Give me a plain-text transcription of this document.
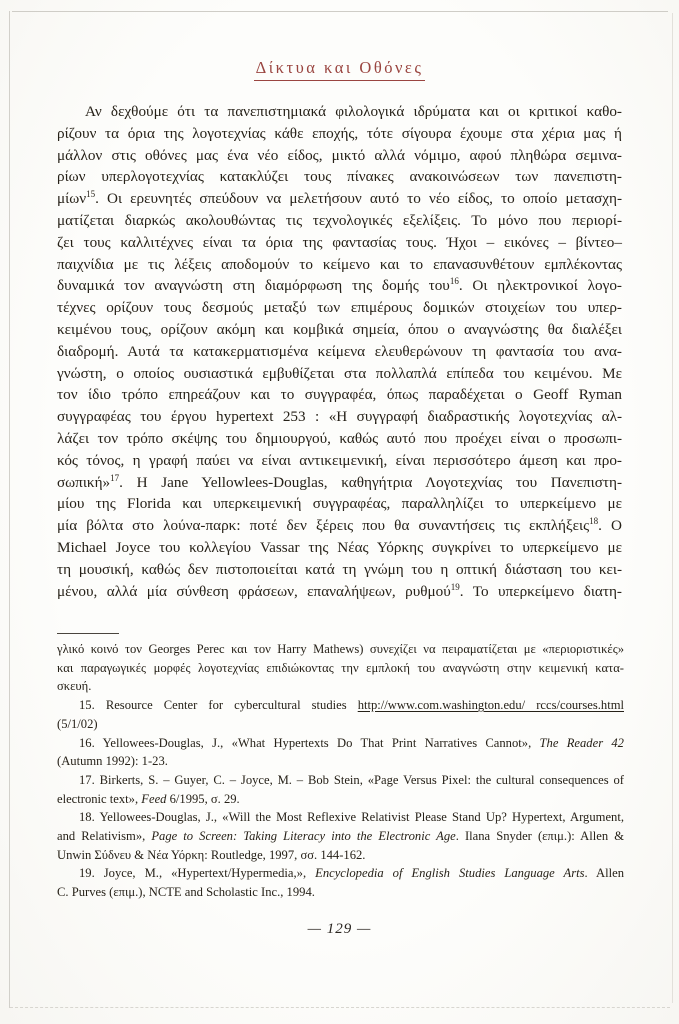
Δίκτυα και Οθόνες
Αν δεχθούμε ότι τα πανεπιστημιακά φιλολογικά ιδρύματα και οι κριτικοί καθο-
ρίζουν τα όρια της λογοτεχνίας κάθε εποχής, τότε σίγουρα έχουμε στα χέρια μας ή
μάλλον στις οθόνες μας ένα νέο είδος, μικτό αλλά νόμιμο, αφού πληθώρα σεμινα-
ρίων υπερλογοτεχνίας κατακλύζει τους πίνακες ανακοινώσεων των πανεπιστη-
μίων$^{15}$. Οι ερευνητές σπεύδουν να μελετήσουν αυτό το νέο είδος, το οποίο μετασχη-
ματίζεται διαρκώς ακολουθώντας τις τεχνολογικές εξελίξεις. Το μόνο που περιορί-
ζει τους καλλιτέχνες είναι τα όρια της φαντασίας τους. Ήχοι – εικόνες – βίντεο–
παιχνίδια με τις λέξεις αποδομούν το κείμενο και το επανασυνθέτουν εμπλέκοντας
δυναμικά τον αναγνώστη στη διαμόρφωση της δομής του$^{16}$. Οι ηλεκτρονικοί λογο-
τέχνες ορίζουν τους δεσμούς μεταξύ των επιμέρους δομικών στοιχείων του υπερ-
κειμένου τους, ορίζουν ακόμη και κομβικά σημεία, όπου ο αναγνώστης θα διαλέξει
διαδρομή. Αυτά τα κατακερματισμένα κείμενα ελευθερώνουν τη φαντασία του ανα-
γνώστη, ο οποίος ουσιαστικά εμβυθίζεται στα πολλαπλά επίπεδα του κειμένου. Με
τον ίδιο τρόπο επηρεάζουν και το συγγραφέα, όπως παραδέχεται ο Geoff Ryman
συγγραφέας του έργου hypertext 253 : «Η συγγραφή διαδραστικής λογοτεχνίας αλ-
λάζει τον τρόπο σκέψης του δημιουργού, καθώς αυτό που προέχει είναι ο προσωπι-
κός τόνος, η γραφή παύει να είναι αντικειμενική, είναι περισσότερο άμεση και προ-
σωπική»$^{17}$. Η Jane Yellowlees-Douglas, καθηγήτρια Λογοτεχνίας του Πανεπιστη-
μίου της Florida και υπερκειμενική συγγραφέας, παραλληλίζει το υπερκείμενο με
μία βόλτα στο λούνα-παρκ: ποτέ δεν ξέρεις που θα συναντήσεις τις εκπλήξεις$^{18}$. Ο
Michael Joyce του κολλεγίου Vassar της Νέας Υόρκης συγκρίνει το υπερκείμενο με
τη μουσική, καθώς δεν πιστοποιείται κατά τη γνώμη του η οπτική διάσταση του κει-
μένου, αλλά μία σύνθεση φράσεων, επαναλήψεων, ρυθμού$^{19}$. Το υπερκείμενο διατη-
γλικό κοινό τον Georges Perec και τον Harry Mathews) συνεχίζει να πειραματίζεται με «περιοριστικές»
και παραγωγικές μορφές λογοτεχνίας επιδιώκοντας την εμπλοκή του αναγνώστη στην κειμενική κατα-
σκευή.
15. Resource Center for cybercultural studies http://www.com.washington.edu/ rccs/courses.html
(5/1/02)
16. Yellowees-Douglas, J., «What Hypertexts Do That Print Narratives Cannot», The Reader 42
(Autumn 1992): 1-23.
17. Birkerts, S. – Guyer, C. – Joyce, M. – Bob Stein, «Page Versus Pixel: the cultural consequences of
electronic text», Feed 6/1995, σ. 29.
18. Yellowees-Douglas, J., «Will the Most Reflexive Relativist Please Stand Up? Hypertext, Argument,
and Relativism», Page to Screen: Taking Literacy into the Electronic Age. Ilana Snyder (επιμ.): Allen &
Unwin Σύδνευ & Νέα Υόρκη: Routledge, 1997, σσ. 144-162.
19. Joyce, M., «Hypertext/Hypermedia,», Encyclopedia of English Studies Language Arts. Allen
C. Purves (επιμ.), NCTE and Scholastic Inc., 1994.
— 129 —
